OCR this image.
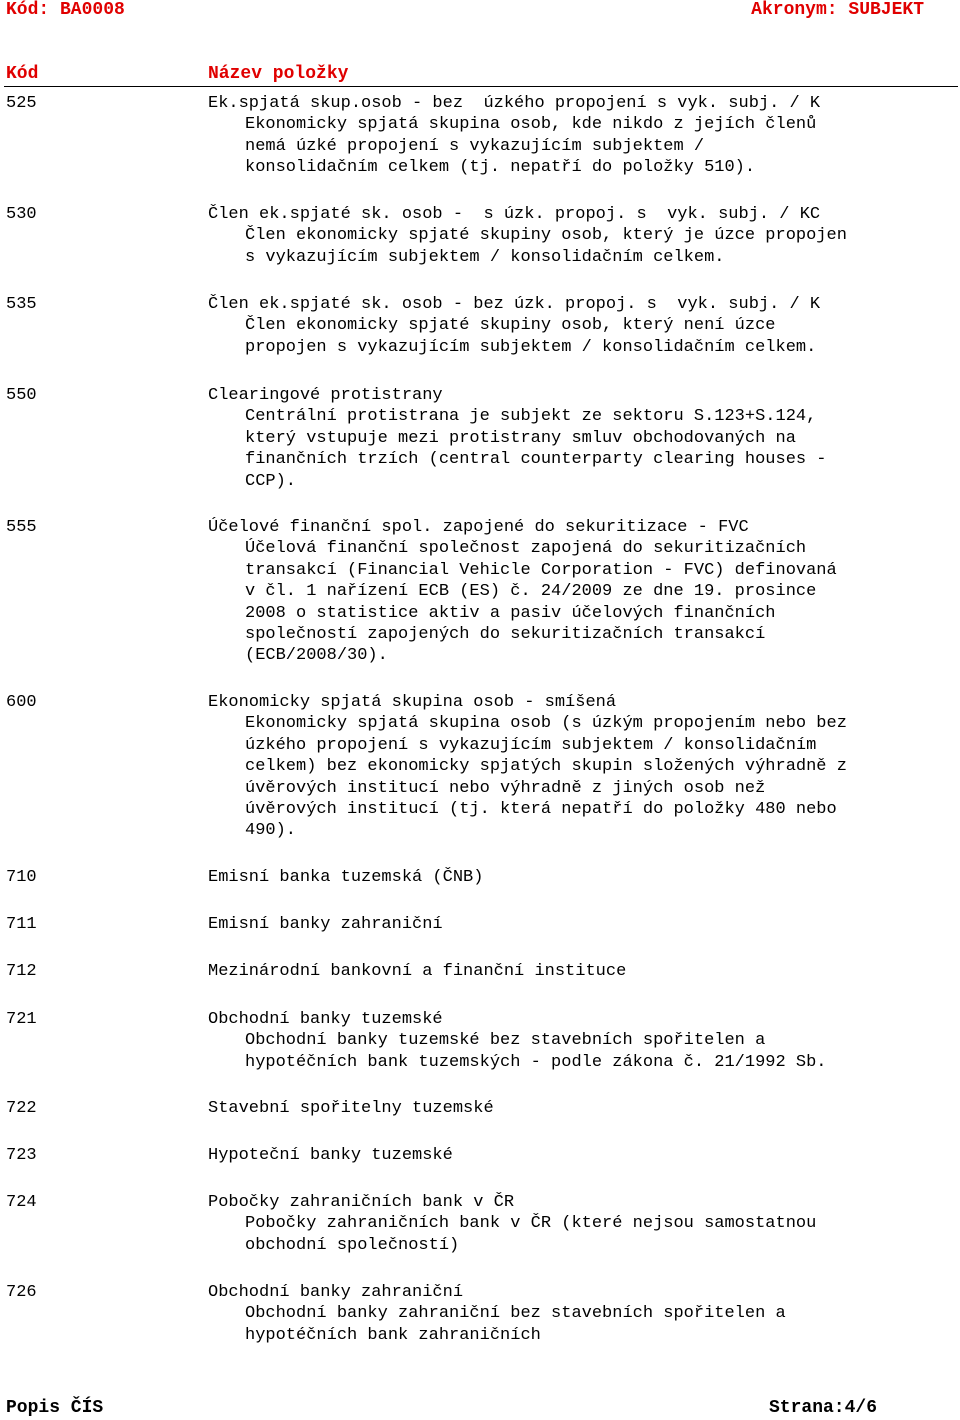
Kód: BA0008	Akronym: SUBJEKT
Kód	Název položky
525	Ek.spjatá skup.osob - bez  úzkého propojení s vyk. subj. / K
Ekonomicky spjatá skupina osob, kde nikdo z jejích členů
nemá úzké propojení s vykazujícím subjektem /
konsolidačním celkem (tj. nepatří do položky 510).
530	Člen ek.spjaté sk. osob -  s úzk. propoj. s  vyk. subj. / KC
Člen ekonomicky spjaté skupiny osob, který je úzce propojen
s vykazujícím subjektem / konsolidačním celkem.
535	Člen ek.spjaté sk. osob - bez úzk. propoj. s  vyk. subj. / K
Člen ekonomicky spjaté skupiny osob, který není úzce
propojen s vykazujícím subjektem / konsolidačním celkem.
550	Clearingové protistrany
Centrální protistrana je subjekt ze sektoru S.123+S.124,
který vstupuje mezi protistrany smluv obchodovaných na
finančních trzích (central counterparty clearing houses -
CCP).
555	Účelové finanční spol. zapojené do sekuritizace - FVC
Účelová finanční společnost zapojená do sekuritizačních
transakcí (Financial Vehicle Corporation - FVC) definovaná
v čl. 1 nařízení ECB (ES) č. 24/2009 ze dne 19. prosince
2008 o statistice aktiv a pasiv účelových finančních
společností zapojených do sekuritizačních transakcí
(ECB/2008/30).
600	Ekonomicky spjatá skupina osob - smíšená
Ekonomicky spjatá skupina osob (s úzkým propojením nebo bez
úzkého propojení s vykazujícím subjektem / konsolidačním
celkem) bez ekonomicky spjatých skupin složených výhradně z
úvěrových institucí nebo výhradně z jiných osob než
úvěrových institucí (tj. která nepatří do položky 480 nebo
490).
710	Emisní banka tuzemská (ČNB)
711	Emisní banky zahraniční
712	Mezinárodní bankovní a finanční instituce
721	Obchodní banky tuzemské
Obchodní banky tuzemské bez stavebních spořitelen a
hypotéčních bank tuzemských - podle zákona č. 21/1992 Sb.
722	Stavební spořitelny tuzemské
723	Hypoteční banky tuzemské
724	Pobočky zahraničních bank v ČR
Pobočky zahraničních bank v ČR (které nejsou samostatnou
obchodní společností)
726	Obchodní banky zahraniční
Obchodní banky zahraniční bez stavebních spořitelen a
hypotéčních bank zahraničních
Popis ČÍS	Strana:4/6
